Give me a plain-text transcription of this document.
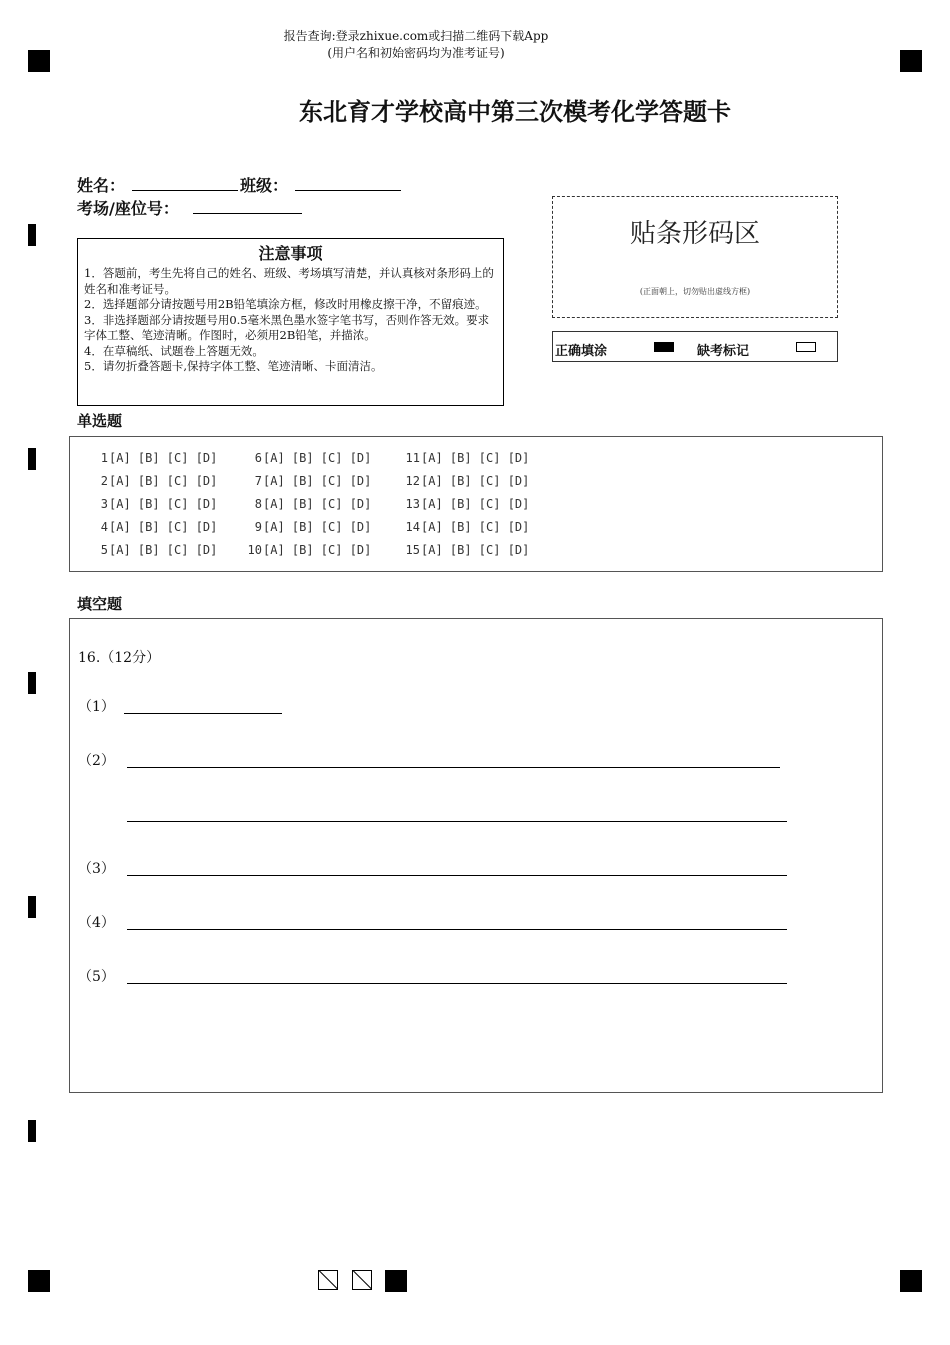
报告查询:登录zhixue.com或扫描二维码下载App
(用户名和初始密码均为准考证号)
东北育才学校高中第三次模考化学答题卡
姓名：	班级：
考场/座位号：
注意事项
1．答题前，考生先将自己的姓名、班级、考场填写清楚，并认真核对条形码上的姓名和准考证号。
2．选择题部分请按题号用2B铅笔填涂方框，修改时用橡皮擦干净，不留痕迹。
3．非选择题部分请按题号用0.5毫米黑色墨水签字笔书写，否则作答无效。要求字体工整、笔迹清晰。作图时，必须用2B铅笔，并描浓。
4．在草稿纸、试题卷上答题无效。
5．请勿折叠答题卡,保持字体工整、笔迹清晰、卡面清洁。
贴条形码区
(正面朝上，切勿贴出虚线方框)
正确填涂	缺考标记
单选题
1[A] [B] [C] [D]
2[A] [B] [C] [D]
3[A] [B] [C] [D]
4[A] [B] [C] [D]
5[A] [B] [C] [D]
6[A] [B] [C] [D]
7[A] [B] [C] [D]
8[A] [B] [C] [D]
9[A] [B] [C] [D]
10[A] [B] [C] [D]
11[A] [B] [C] [D]
12[A] [B] [C] [D]
13[A] [B] [C] [D]
14[A] [B] [C] [D]
15[A] [B] [C] [D]
填空题
16.（12分）
（1）
（2）
（3）
（4）
（5）
